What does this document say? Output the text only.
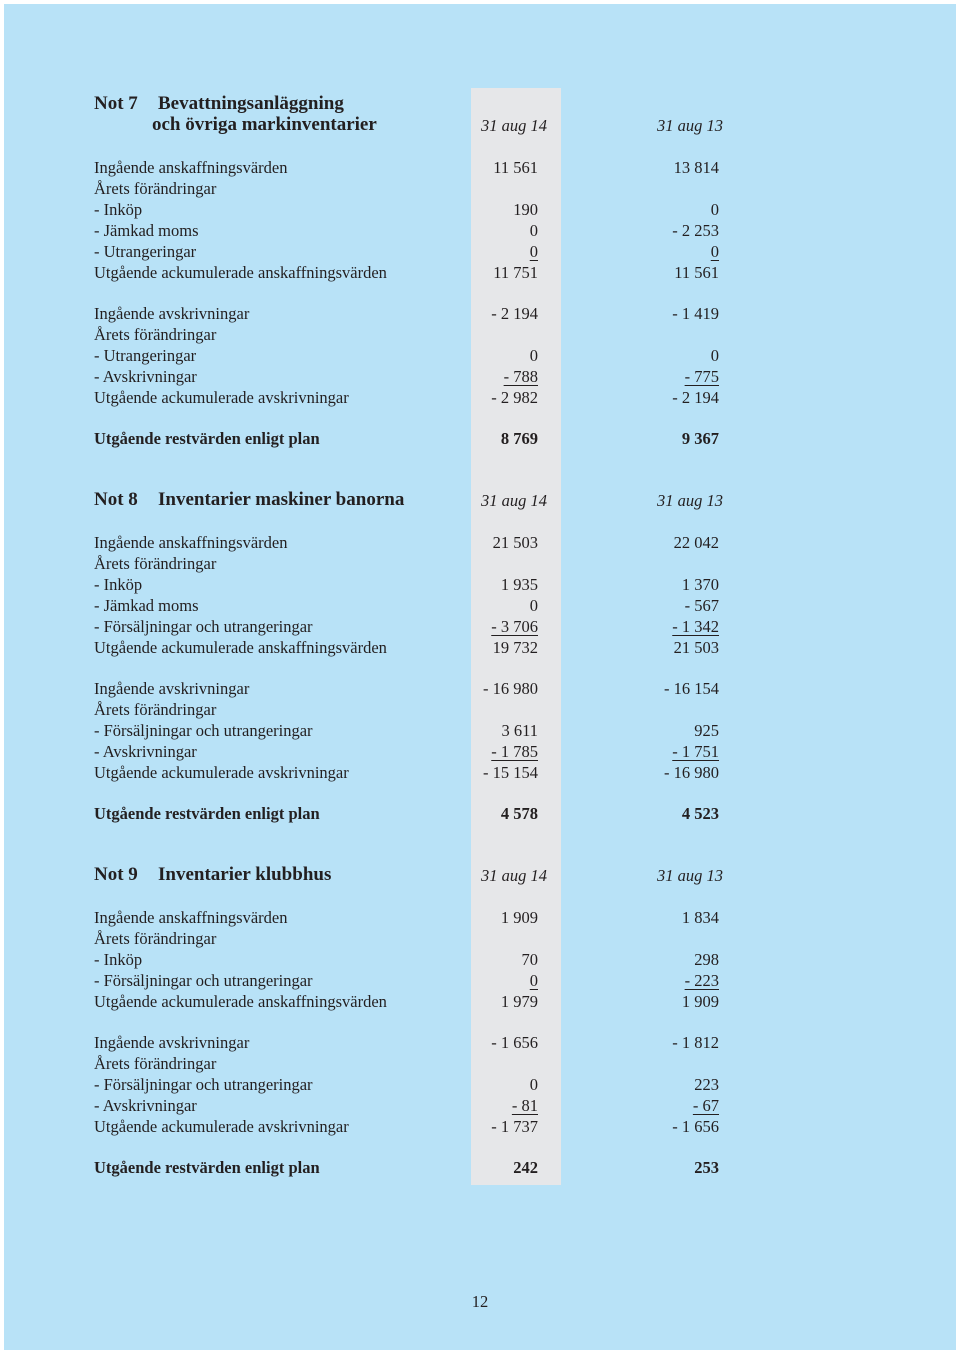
Not 7 Bevattningsanläggning
och övriga markinventarier	31 aug 14	31 aug 13
Ingående anskaffningsvärden	11 561	13 814
Årets förändringar
- Inköp	190	0
- Jämkad moms	0	- 2 253
- Utrangeringar	0	0
Utgående ackumulerade anskaffningsvärden	11 751	11 561
Ingående avskrivningar	- 2 194	- 1 419
Årets förändringar
- Utrangeringar	0	0
- Avskrivningar	- 788	- 775
Utgående ackumulerade avskrivningar	- 2 982	- 2 194
Utgående restvärden enligt plan	8 769	9 367
Not 8 Inventarier maskiner banorna	31 aug 14	31 aug 13
Ingående anskaffningsvärden	21 503	22 042
Årets förändringar
- Inköp	1 935	1 370
- Jämkad moms	0	- 567
- Försäljningar och utrangeringar	- 3 706	- 1 342
Utgående ackumulerade anskaffningsvärden	19 732	21 503
Ingående avskrivningar	- 16 980	- 16 154
Årets förändringar
- Försäljningar och utrangeringar	3 611	925
- Avskrivningar	- 1 785	- 1 751
Utgående ackumulerade avskrivningar	- 15 154	- 16 980
Utgående restvärden enligt plan	4 578	4 523
Not 9 Inventarier klubbhus	31 aug 14	31 aug 13
Ingående anskaffningsvärden	1 909	1 834
Årets förändringar
- Inköp	70	298
- Försäljningar och utrangeringar	0	- 223
Utgående ackumulerade anskaffningsvärden	1 979	1 909
Ingående avskrivningar	- 1 656	- 1 812
Årets förändringar
- Försäljningar och utrangeringar	0	223
- Avskrivningar	- 81	- 67
Utgående ackumulerade avskrivningar	- 1 737	- 1 656
Utgående restvärden enligt plan	242	253
12
